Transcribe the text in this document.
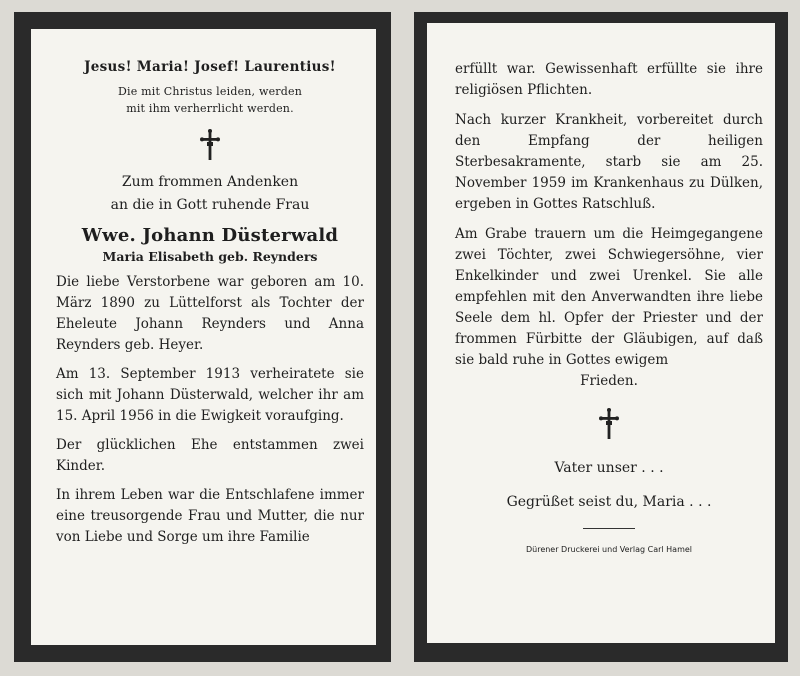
Jesus! Maria! Josef! Laurentius!

Die mit Christus leiden, werden
mit ihm verherrlicht werden.

Zum frommen Andenken
an die in Gott ruhende Frau

Wwe. Johann Düsterwald

Maria Elisabeth geb. Reynders

Die liebe Verstorbene war geboren am 10. März 1890 zu Lüttelforst als Tochter der Eheleute Johann Reynders und Anna Reynders geb. Heyer.

Am 13. September 1913 verheiratete sie sich mit Johann Düsterwald, welcher ihr am 15. April 1956 in die Ewigkeit voraufging.

Der glücklichen Ehe entstammen zwei Kinder.

In ihrem Leben war die Entschlafene immer eine treusorgende Frau und Mutter, die nur von Liebe und Sorge um ihre Familie

erfüllt war. Gewissenhaft erfüllte sie ihre religiösen Pflichten.

Nach kurzer Krankheit, vorbereitet durch den Empfang der heiligen Sterbesakramente, starb sie am 25. November 1959 im Krankenhaus zu Dülken, ergeben in Gottes Ratschluß.

Am Grabe trauern um die Heimgegangene zwei Töchter, zwei Schwiegersöhne, vier Enkelkinder und zwei Urenkel. Sie alle empfehlen mit den Anverwandten ihre liebe Seele dem hl. Opfer der Priester und der frommen Fürbitte der Gläubigen, auf daß sie bald ruhe in Gottes ewigem

Frieden.

Vater unser . . .

Gegrüßet seist du, Maria . . .

Dürener Druckerei und Verlag Carl Hamel
